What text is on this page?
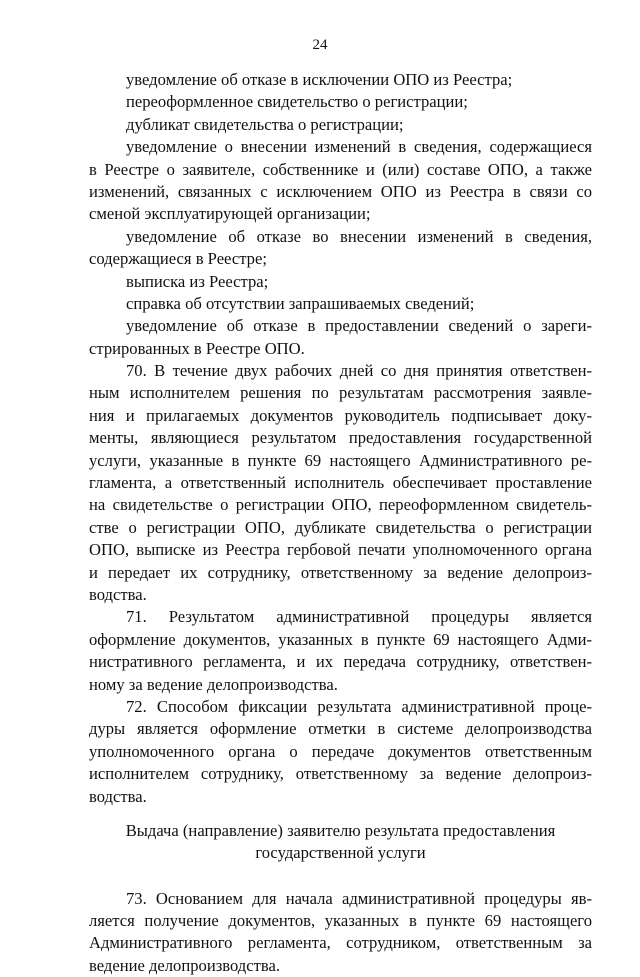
24
уведомление об отказе в исключении ОПО из Реестра;
переоформленное свидетельство о регистрации;
дубликат свидетельства о регистрации;
уведомление о внесении изменений в сведения, содержащиеся
в Реестре о заявителе, собственнике и (или) составе ОПО, а также
изменений, связанных с исключением ОПО из Реестра в связи со
сменой эксплуатирующей организации;
уведомление об отказе во внесении изменений в сведения,
содержащиеся в Реестре;
выписка из Реестра;
справка об отсутствии запрашиваемых сведений;
уведомление об отказе в предоставлении сведений о зареги-
стрированных в Реестре ОПО.
70. В течение двух рабочих дней со дня принятия ответствен-
ным исполнителем решения по результатам рассмотрения заявле-
ния и прилагаемых документов руководитель подписывает доку-
менты, являющиеся результатом предоставления государственной
услуги, указанные в пункте 69 настоящего Административного ре-
гламента, а ответственный исполнитель обеспечивает проставление
на свидетельстве о регистрации ОПО, переоформленном свидетель-
стве о регистрации ОПО, дубликате свидетельства о регистрации
ОПО, выписке из Реестра гербовой печати уполномоченного органа
и передает их сотруднику, ответственному за ведение делопроиз-
водства.
71. Результатом административной процедуры является
оформление документов, указанных в пункте 69 настоящего Адми-
нистративного регламента, и их передача сотруднику, ответствен-
ному за ведение делопроизводства.
72. Способом фиксации результата административной проце-
дуры является оформление отметки в системе делопроизводства
уполномоченного органа о передаче документов ответственным
исполнителем сотруднику, ответственному за ведение делопроиз-
водства.
Выдача (направление) заявителю результата предоставления
государственной услуги
73. Основанием для начала административной процедуры яв-
ляется получение документов, указанных в пункте 69 настоящего
Административного регламента, сотрудником, ответственным за
ведение делопроизводства.
